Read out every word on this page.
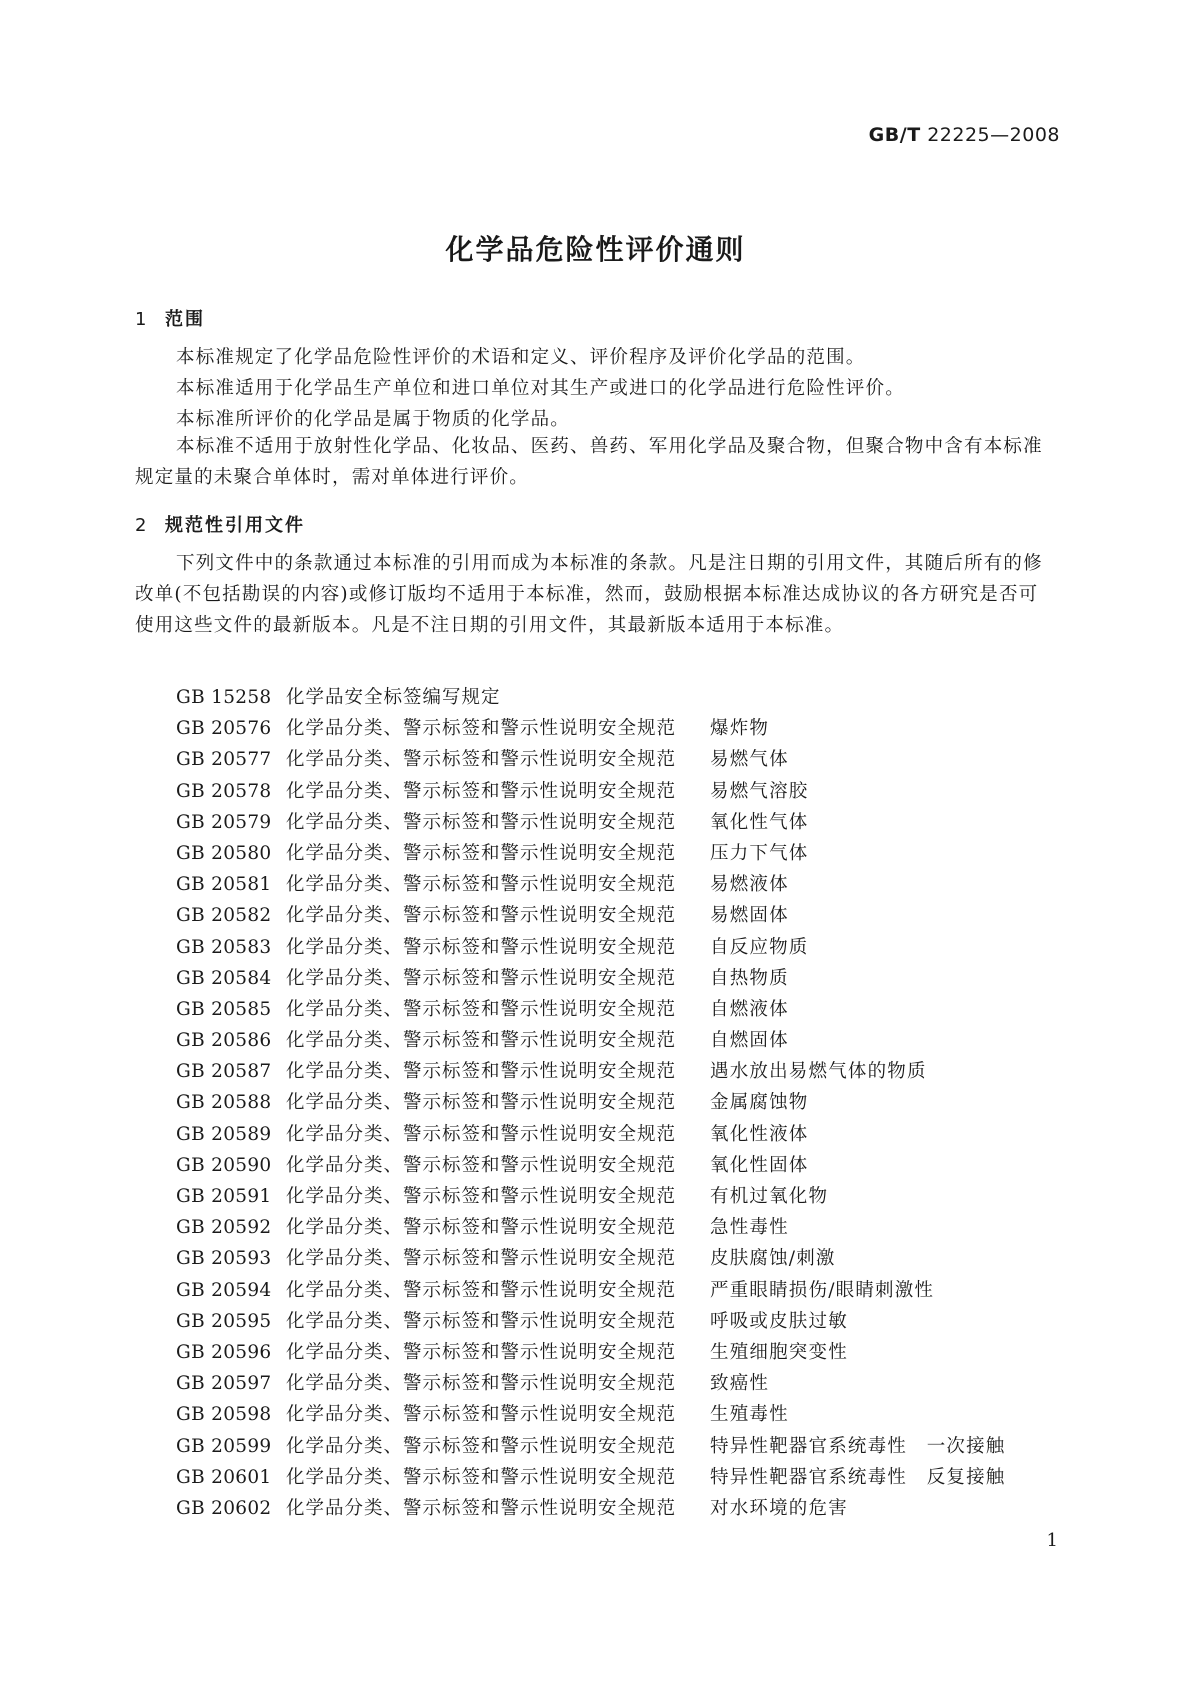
GB/T 22225—2008
化学品危险性评价通则
1 范围
本标准规定了化学品危险性评价的术语和定义、评价程序及评价化学品的范围。
本标准适用于化学品生产单位和进口单位对其生产或进口的化学品进行危险性评价。
本标准所评价的化学品是属于物质的化学品。
本标准不适用于放射性化学品、化妆品、医药、兽药、军用化学品及聚合物，但聚合物中含有本标准规定量的未聚合单体时，需对单体进行评价。
2 规范性引用文件
下列文件中的条款通过本标准的引用而成为本标准的条款。凡是注日期的引用文件，其随后所有的修改单(不包括勘误的内容)或修订版均不适用于本标准，然而，鼓励根据本标准达成协议的各方研究是否可使用这些文件的最新版本。凡是不注日期的引用文件，其最新版本适用于本标准。
GB 15258 化学品安全标签编写规定
GB 20576 化学品分类、警示标签和警示性说明安全规范 爆炸物
GB 20577 化学品分类、警示标签和警示性说明安全规范 易燃气体
GB 20578 化学品分类、警示标签和警示性说明安全规范 易燃气溶胶
GB 20579 化学品分类、警示标签和警示性说明安全规范 氧化性气体
GB 20580 化学品分类、警示标签和警示性说明安全规范 压力下气体
GB 20581 化学品分类、警示标签和警示性说明安全规范 易燃液体
GB 20582 化学品分类、警示标签和警示性说明安全规范 易燃固体
GB 20583 化学品分类、警示标签和警示性说明安全规范 自反应物质
GB 20584 化学品分类、警示标签和警示性说明安全规范 自热物质
GB 20585 化学品分类、警示标签和警示性说明安全规范 自燃液体
GB 20586 化学品分类、警示标签和警示性说明安全规范 自燃固体
GB 20587 化学品分类、警示标签和警示性说明安全规范 遇水放出易燃气体的物质
GB 20588 化学品分类、警示标签和警示性说明安全规范 金属腐蚀物
GB 20589 化学品分类、警示标签和警示性说明安全规范 氧化性液体
GB 20590 化学品分类、警示标签和警示性说明安全规范 氧化性固体
GB 20591 化学品分类、警示标签和警示性说明安全规范 有机过氧化物
GB 20592 化学品分类、警示标签和警示性说明安全规范 急性毒性
GB 20593 化学品分类、警示标签和警示性说明安全规范 皮肤腐蚀/刺激
GB 20594 化学品分类、警示标签和警示性说明安全规范 严重眼睛损伤/眼睛刺激性
GB 20595 化学品分类、警示标签和警示性说明安全规范 呼吸或皮肤过敏
GB 20596 化学品分类、警示标签和警示性说明安全规范 生殖细胞突变性
GB 20597 化学品分类、警示标签和警示性说明安全规范 致癌性
GB 20598 化学品分类、警示标签和警示性说明安全规范 生殖毒性
GB 20599 化学品分类、警示标签和警示性说明安全规范 特异性靶器官系统毒性　一次接触
GB 20601 化学品分类、警示标签和警示性说明安全规范 特异性靶器官系统毒性　反复接触
GB 20602 化学品分类、警示标签和警示性说明安全规范 对水环境的危害
1
